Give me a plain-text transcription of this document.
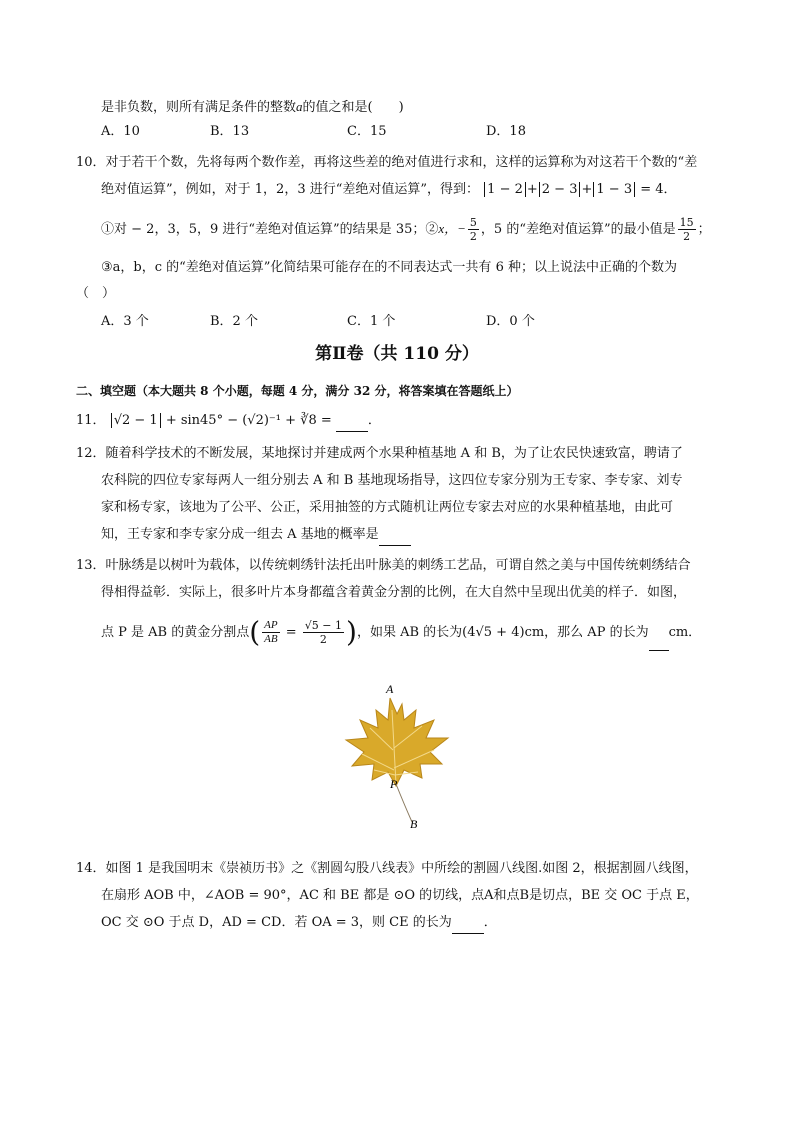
是非负数，则所有满足条件的整数a的值之和是(　　)
A．10	B．13	C．15	D．18
10．对于若干个数，先将每两个数作差，再将这些差的绝对值进行求和，这样的运算称为对这若干个数的“差
绝对值运算”，例如，对于 1，2，3 进行“差绝对值运算”，得到： 1 − 2 + 2 − 3 + 1 − 3 = 4．
①对 − 2，3，5，9 进行“差绝对值运算”的结果是 35；②x，− $\frac{5}{2}$ ，5 的“差绝对值运算”的最小值是 $\frac{15}{2}$ ；
③a，b，c 的“差绝对值运算”化简结果可能存在的不同表达式一共有 6 种；以上说法中正确的个数为
（　）
A．3 个	B．2 个	C．1 个	D．0 个
第Ⅱ卷（共 110 分）
二、填空题（本大题共 8 个小题，每题 4 分，满分 32 分，将答案填在答题纸上）
11． √2 − 1 + sin45° − (√2)⁻¹ + ∛8 =	．
12．随着科学技术的不断发展，某地探讨并建成两个水果种植基地 A 和 B，为了让农民快速致富，聘请了
农科院的四位专家每两人一组分别去 A 和 B 基地现场指导，这四位专家分别为王专家、李专家、刘专
家和杨专家，该地为了公平、公正，采用抽签的方式随机让两位专家去对应的水果种植基地，由此可
知，王专家和李专家分成一组去 A 基地的概率是
13．叶脉绣是以树叶为载体，以传统刺绣针法托出叶脉美的刺绣工艺品，可谓自然之美与中国传统刺绣结合
得相得益彰．实际上，很多叶片本身都蕴含着黄金分割的比例，在大自然中呈现出优美的样子．如图，
点 P 是 AB 的黄金分割点( $\frac{AP}{AB} = \frac{√5 - 1}{2}$ )，如果 AB 的长为(4√5 + 4)cm，那么 AP 的长为 cm．
A
P
B
14．如图 1 是我国明末《崇祯历书》之《割圆勾股八线表》中所绘的割圆八线图.如图 2，根据割圆八线图，
在扇形 AOB 中，∠AOB = 90°，AC 和 BE 都是 ⊙O 的切线，点A和点B是切点，BE 交 OC 于点 E，
OC 交 ⊙O 于点 D，AD = CD．若 OA = 3，则 CE 的长为 ．
